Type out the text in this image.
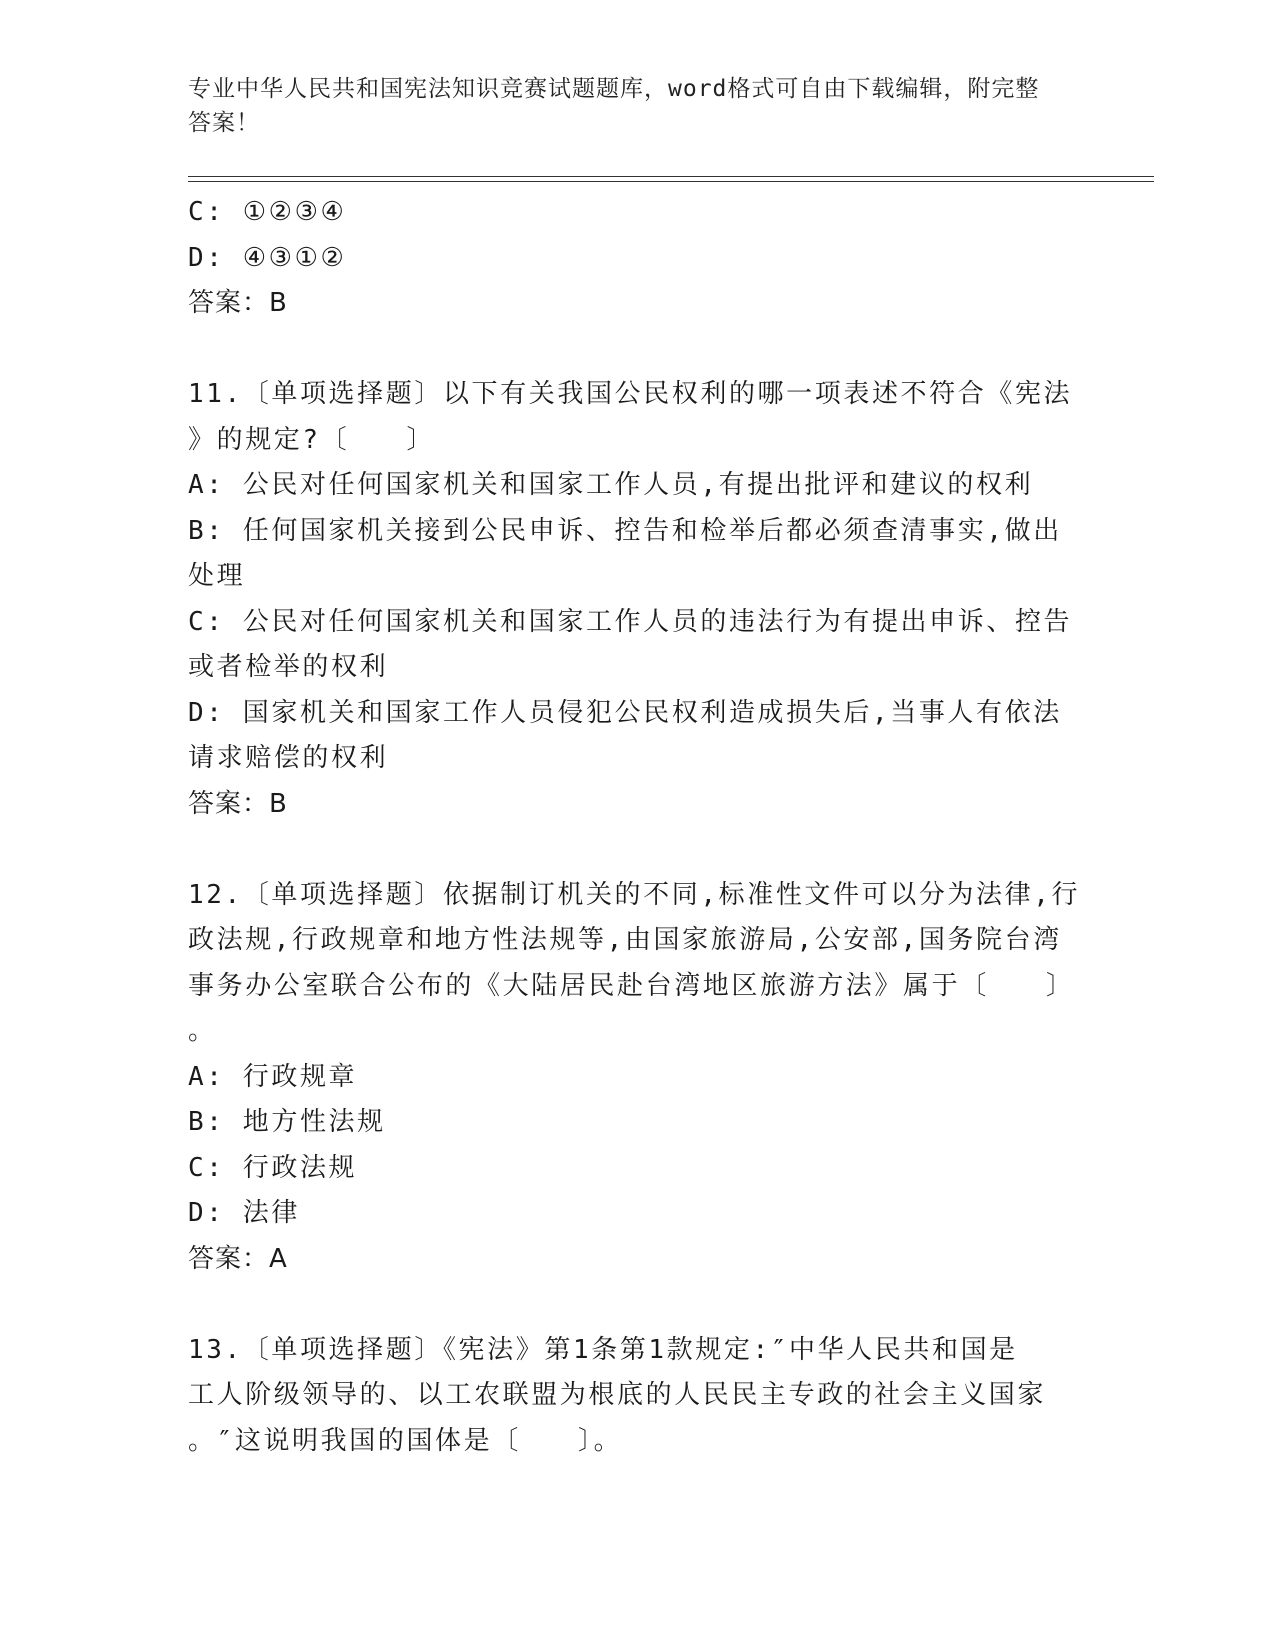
专业中华人民共和国宪法知识竞赛试题题库，word格式可自由下载编辑，附完整
答案！

C: ①②③④

D: ④③①②

答案：B

11.〔单项选择题〕以下有关我国公民权利的哪一项表述不符合《宪法

》的规定?〔　　〕

A: 公民对任何国家机关和国家工作人员,有提出批评和建议的权利

B: 任何国家机关接到公民申诉、控告和检举后都必须查清事实,做出

处理

C: 公民对任何国家机关和国家工作人员的违法行为有提出申诉、控告

或者检举的权利

D: 国家机关和国家工作人员侵犯公民权利造成损失后,当事人有依法

请求赔偿的权利

答案：B

12.〔单项选择题〕依据制订机关的不同,标准性文件可以分为法律,行

政法规,行政规章和地方性法规等,由国家旅游局,公安部,国务院台湾

事务办公室联合公布的《大陆居民赴台湾地区旅游方法》属于〔　　〕

。

A: 行政规章

B: 地方性法规

C: 行政法规

D: 法律

答案：A

13.〔单项选择题〕《宪法》第1条第1款规定:″中华人民共和国是

工人阶级领导的、以工农联盟为根底的人民民主专政的社会主义国家

。″这说明我国的国体是〔　　〕。
